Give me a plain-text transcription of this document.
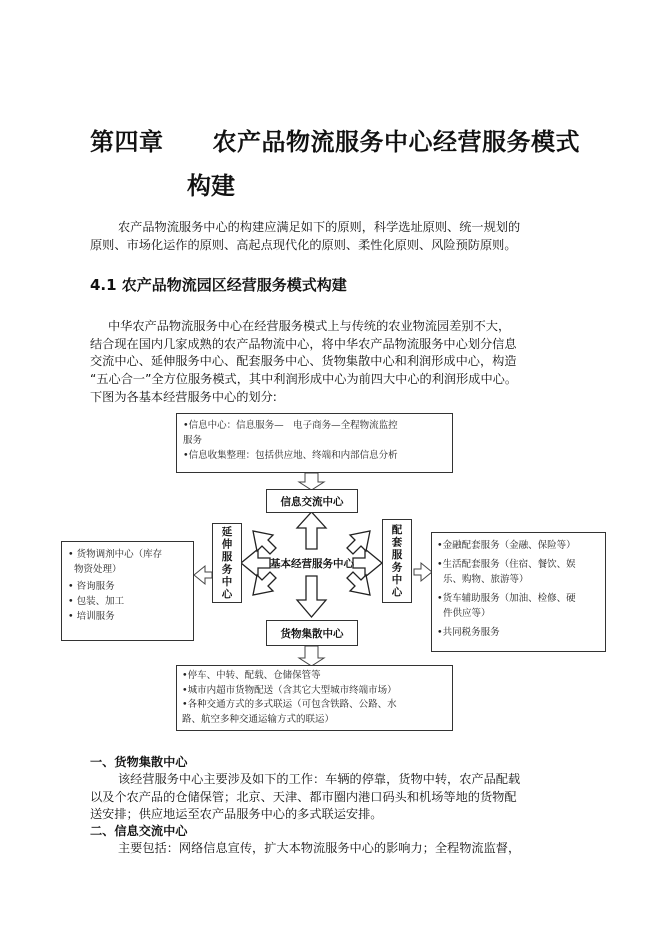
第四章　　农产品物流服务中心经营服务模式
构建
农产品物流服务中心的构建应满足如下的原则，科学选址原则、统一规划的
原则、市场化运作的原则、高起点现代化的原则、柔性化原则、风险预防原则。
4.1 农产品物流园区经营服务模式构建
中华农产品物流服务中心在经营服务模式上与传统的农业物流园差别不大，
结合现在国内几家成熟的农产品物流中心，将中华农产品物流服务中心划分信息
交流中心、延伸服务中心、配套服务中心、货物集散中心和利润形成中心，构造
“五心合一”全方位服务模式，其中利润形成中心为前四大中心的利润形成中心。
下图为各基本经营服务中心的划分:
•信息中心：信息服务—　电子商务—全程物流监控
服务
•信息收集整理：包括供应地、终端和内部信息分析
信息交流中心
延伸服务中心	基本经营服务中心	配套服务中心
货物集散中心
• 货物调剂中心（库存
物资处理）
• 咨询服务
• 包装、加工
• 培训服务
•金融配套服务（金融、保险等）
•生活配套服务（住宿、餐饮、娱
乐、购物、旅游等）
•货车辅助服务（加油、检修、硬
件供应等）
•共同税务服务
•停车、中转、配载、仓储保管等
•城市内超市货物配送（含其它大型城市终端市场）
•各种交通方式的多式联运（可包含铁路、公路、水
路、航空多种交通运输方式的联运）
一、货物集散中心
该经营服务中心主要涉及如下的工作：车辆的停靠，货物中转，农产品配载
以及个农产品的仓储保管；北京、天津、都市圈内港口码头和机场等地的货物配
送安排；供应地运至农产品服务中心的多式联运安排。
二、信息交流中心
主要包括：网络信息宣传，扩大本物流服务中心的影响力；全程物流监督，
